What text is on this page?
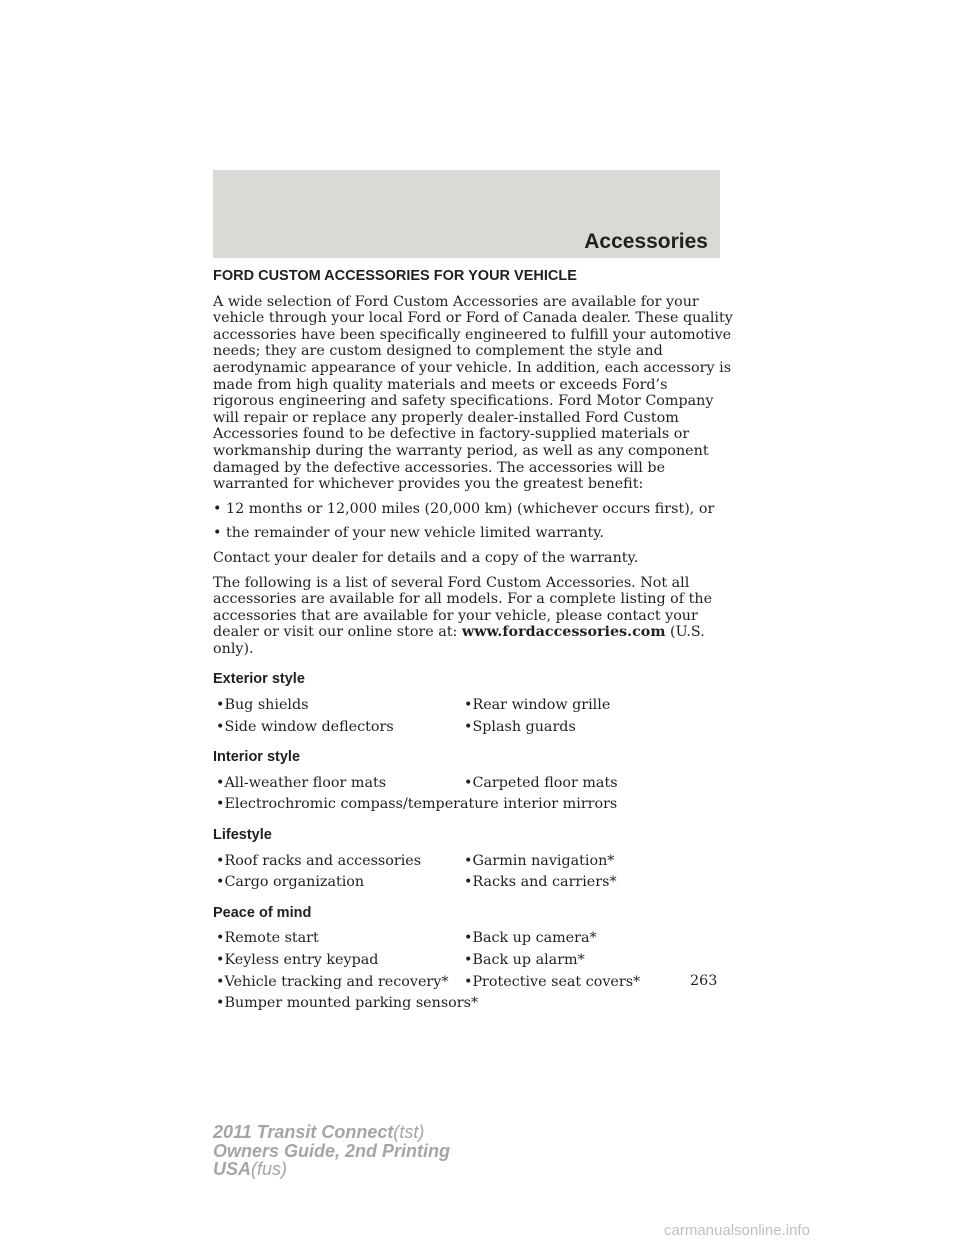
Accessories
FORD CUSTOM ACCESSORIES FOR YOUR VEHICLE

A wide selection of Ford Custom Accessories are available for your vehicle through your local Ford or Ford of Canada dealer. These quality accessories have been specifically engineered to fulfill your automotive needs; they are custom designed to complement the style and aerodynamic appearance of your vehicle. In addition, each accessory is made from high quality materials and meets or exceeds Ford’s rigorous engineering and safety specifications. Ford Motor Company will repair or replace any properly dealer-installed Ford Custom Accessories found to be defective in factory-supplied materials or workmanship during the warranty period, as well as any component damaged by the defective accessories. The accessories will be warranted for whichever provides you the greatest benefit:

• 12 months or 12,000 miles (20,000 km) (whichever occurs first), or
• the remainder of your new vehicle limited warranty.

Contact your dealer for details and a copy of the warranty.

The following is a list of several Ford Custom Accessories. Not all accessories are available for all models. For a complete listing of the accessories that are available for your vehicle, please contact your dealer or visit our online store at: www.fordaccessories.com (U.S. only).

Exterior style
•Bug shields	•Rear window grille
•Side window deflectors	•Splash guards
Interior style
•All-weather floor mats	•Carpeted floor mats
•Electrochromic compass/temperature interior mirrors
Lifestyle
•Roof racks and accessories	•Garmin navigation*
•Cargo organization	•Racks and carriers*
Peace of mind
•Remote start	•Back up camera*
•Keyless entry keypad	•Back up alarm*
•Vehicle tracking and recovery*	•Protective seat covers*
•Bumper mounted parking sensors*
263
2011 Transit Connect(tst)
Owners Guide, 2nd Printing
USA(fus)
carmanualsonline.info
